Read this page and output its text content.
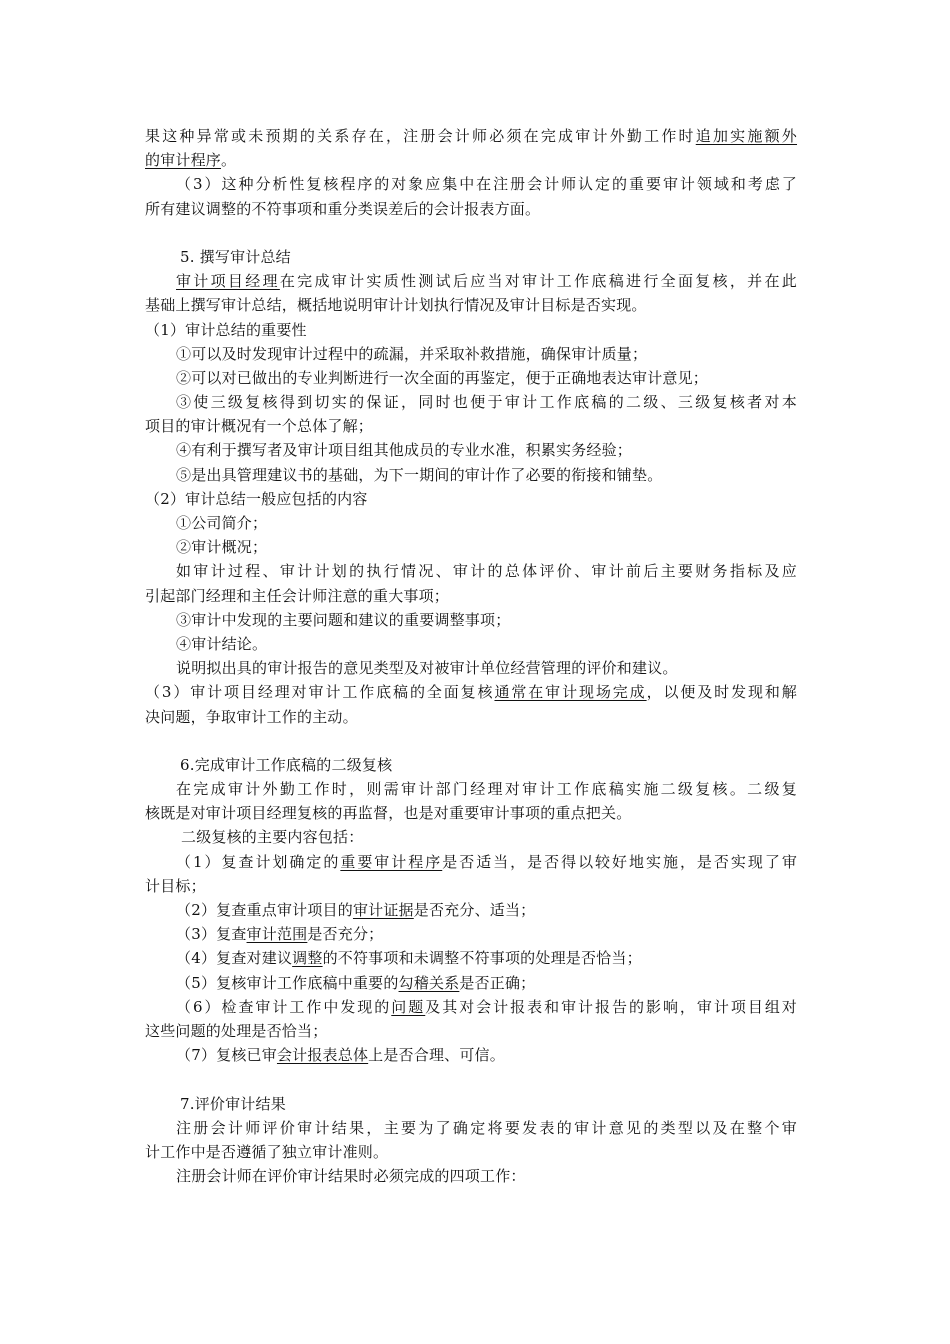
果这种异常或未预期的关系存在，注册会计师必须在完成审计外勤工作时追加实施额外
的审计程序。
（3）这种分析性复核程序的对象应集中在注册会计师认定的重要审计领域和考虑了
所有建议调整的不符事项和重分类误差后的会计报表方面。
5. 撰写审计总结
审计项目经理在完成审计实质性测试后应当对审计工作底稿进行全面复核，并在此
基础上撰写审计总结，概括地说明审计计划执行情况及审计目标是否实现。
（1）审计总结的重要性
①可以及时发现审计过程中的疏漏，并采取补救措施，确保审计质量；
②可以对已做出的专业判断进行一次全面的再鉴定，便于正确地表达审计意见；
③使三级复核得到切实的保证，同时也便于审计工作底稿的二级、三级复核者对本
项目的审计概况有一个总体了解；
④有利于撰写者及审计项目组其他成员的专业水准，积累实务经验；
⑤是出具管理建议书的基础，为下一期间的审计作了必要的衔接和铺垫。
（2）审计总结一般应包括的内容
①公司简介；
②审计概况；
如审计过程、审计计划的执行情况、审计的总体评价、审计前后主要财务指标及应
引起部门经理和主任会计师注意的重大事项；
③审计中发现的主要问题和建议的重要调整事项；
④审计结论。
说明拟出具的审计报告的意见类型及对被审计单位经营管理的评价和建议。
（3）审计项目经理对审计工作底稿的全面复核通常在审计现场完成，以便及时发现和解
决问题，争取审计工作的主动。
6.完成审计工作底稿的二级复核
在完成审计外勤工作时，则需审计部门经理对审计工作底稿实施二级复核。二级复
核既是对审计项目经理复核的再监督，也是对重要审计事项的重点把关。
二级复核的主要内容包括：
（1）复查计划确定的重要审计程序是否适当，是否得以较好地实施，是否实现了审
计目标；
（2）复查重点审计项目的审计证据是否充分、适当；
（3）复查审计范围是否充分；
（4）复查对建议调整的不符事项和未调整不符事项的处理是否恰当；
（5）复核审计工作底稿中重要的勾稽关系是否正确；
（6）检查审计工作中发现的问题及其对会计报表和审计报告的影响，审计项目组对
这些问题的处理是否恰当；
（7）复核已审会计报表总体上是否合理、可信。
7.评价审计结果
注册会计师评价审计结果，主要为了确定将要发表的审计意见的类型以及在整个审
计工作中是否遵循了独立审计准则。
注册会计师在评价审计结果时必须完成的四项工作：
